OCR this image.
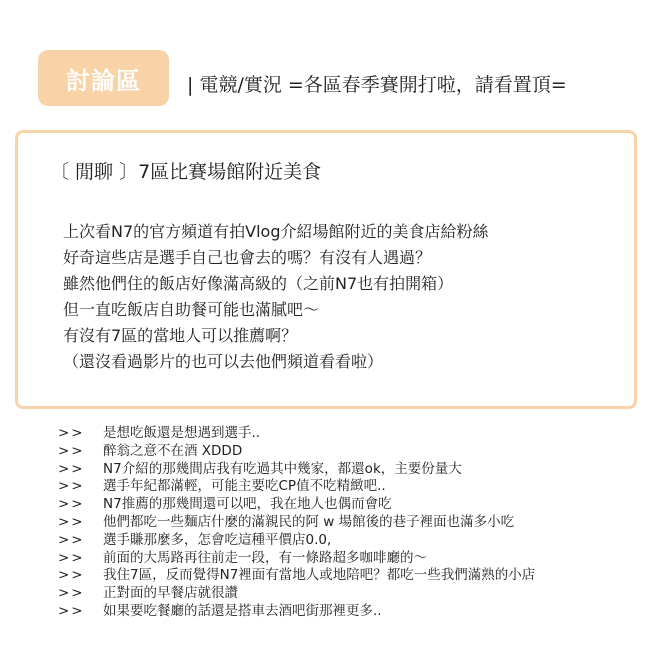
討論區	| 電競/實況 =各區春季賽開打啦，請看置頂=
〔 閒聊 〕7區比賽場館附近美食
上次看N7的官方頻道有拍Vlog介紹場館附近的美食店給粉絲
好奇這些店是選手自己也會去的嗎？有沒有人遇過？
雖然他們住的飯店好像滿高級的（之前N7也有拍開箱）
但一直吃飯店自助餐可能也滿膩吧～
有沒有7區的當地人可以推薦啊？
（還沒看過影片的也可以去他們頻道看看啦）
>>	是想吃飯還是想遇到選手..
>>	醉翁之意不在酒 XDDD
>>	N7介紹的那幾間店我有吃過其中幾家，都還ok，主要份量大
>>	選手年紀都滿輕，可能主要吃CP值不吃精緻吧..
>>	N7推薦的那幾間還可以吧，我在地人也偶而會吃
>>	他們都吃一些麵店什麼的滿親民的阿 w 場館後的巷子裡面也滿多小吃
>>	選手賺那麼多，怎會吃這種平價店0.0,
>>	前面的大馬路再往前走一段，有一條路超多咖啡廳的～
>>	我住7區，反而覺得N7裡面有當地人或地陪吧？都吃一些我們滿熟的小店
>>	正對面的早餐店就很讚
>>	如果要吃餐廳的話還是搭車去酒吧街那裡更多..
